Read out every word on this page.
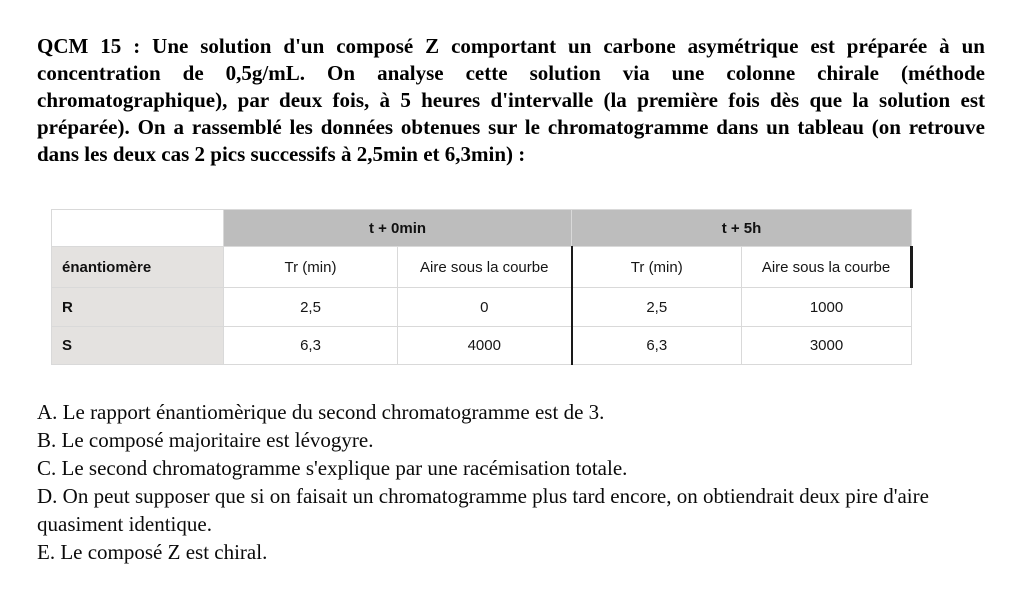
QCM 15 : Une solution d'un composé Z comportant un carbone asymétrique est préparée à un concentration de 0,5g/mL. On analyse cette solution via une colonne chirale (méthode chromatographique), par deux fois, à 5 heures d'intervalle (la première fois dès que la solution est préparée). On a rassemblé les données obtenues sur le chromatogramme dans un tableau (on retrouve dans les deux cas 2 pics successifs à 2,5min et 6,3min) :

	t + 0min		t + 5h	
énantiomère	Tr (min)	Aire sous la courbe	Tr (min)	Aire sous la courbe
R	2,5	0	2,5	1000
S	6,3	4000	6,3	3000

A. Le rapport énantiomèrique du second chromatogramme est de 3.

B. Le composé majoritaire est lévogyre.

C. Le second chromatogramme s'explique par une racémisation totale.

D. On peut supposer que si on faisait un chromatogramme plus tard encore, on obtiendrait deux pire d'aire quasiment identique.

E. Le composé Z est chiral.
